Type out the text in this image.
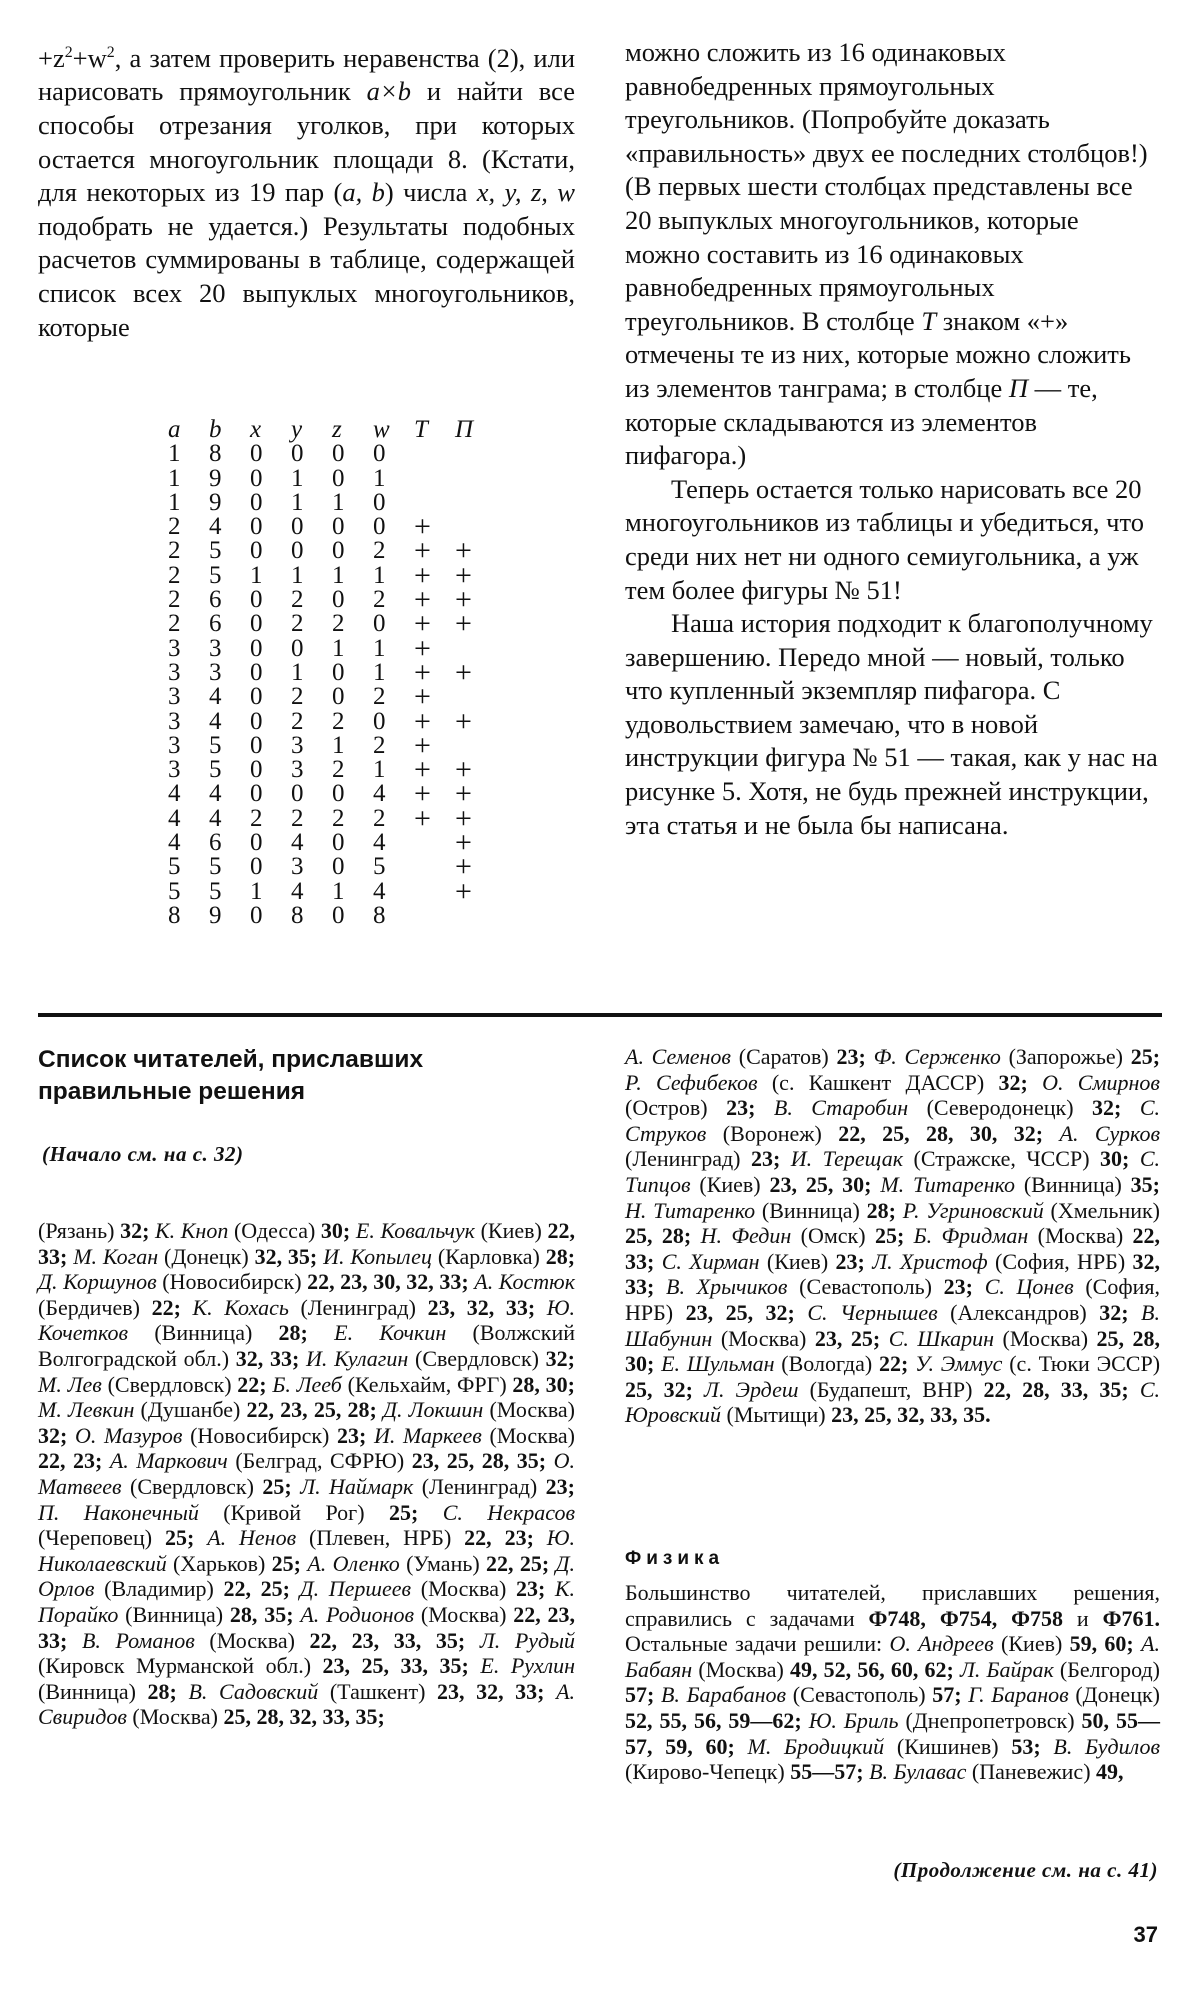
$+z^2+w^2$, а затем проверить неравенства (2), или нарисовать прямоугольник a×b и найти все способы отрезания уголков, при которых остается многоугольник площади 8. (Кстати, для некоторых из 19 пар (a, b) числа x, y, z, w подобрать не удается.) Результаты подобных расчетов суммированы в таблице, содержащей список всех 20 выпуклых многоугольников, которые
a	b	x	y	z	w	T	П
1	8	0	0	0	0		
1	9	0	1	0	1		
1	9	0	1	1	0		
2	4	0	0	0	0	+	
2	5	0	0	0	2	+	+
2	5	1	1	1	1	+	+
2	6	0	2	0	2	+	+
2	6	0	2	2	0	+	+
3	3	0	0	1	1	+	
3	3	0	1	0	1	+	+
3	4	0	2	0	2	+	
3	4	0	2	2	0	+	+
3	5	0	3	1	2	+	
3	5	0	3	2	1	+	+
4	4	0	0	0	4	+	+
4	4	2	2	2	2	+	+
4	6	0	4	0	4		+
5	5	0	3	0	5		+
5	5	1	4	1	4		+
8	9	0	8	0	8		
можно сложить из 16 одинаковых равнобедренных прямоугольных треугольников. (Попробуйте доказать «правильность» двух ее последних столбцов!)
(В первых шести столбцах представлены все 20 выпуклых многоугольников, которые можно составить из 16 одинаковых равнобедренных прямоугольных треугольников. В столбце T знаком «+» отмечены те из них, которые можно сложить из элементов танграма; в столбце П — те, которые складываются из элементов пифагора.)
Теперь остается только нарисовать все 20 многоугольников из таблицы и убедиться, что среди них нет ни одного семиугольника, а уж тем более фигуры № 51!
Наша история подходит к благополучному завершению. Передо мной — новый, только что купленный экземпляр пифагора. С удовольствием замечаю, что в новой инструкции фигура № 51 — такая, как у нас на рисунке 5. Хотя, не будь прежней инструкции, эта статья и не была бы написана.
Список читателей, приславших правильные решения
(Начало см. на с. 32)
(Рязань) 32; К. Кноп (Одесса) 30; Е. Ковальчук (Киев) 22, 33; М. Коган (Донецк) 32, 35; И. Копылец (Карловка) 28; Д. Коршунов (Новосибирск) 22, 23, 30, 32, 33; А. Костюк (Бердичев) 22; К. Кохась (Ленинград) 23, 32, 33; Ю. Кочетков (Винница) 28; Е. Кочкин (Волжский Волгоградской обл.) 32, 33; И. Кулагин (Свердловск) 32; М. Лев (Свердловск) 22; Б. Лееб (Кельхайм, ФРГ) 28, 30; М. Левкин (Душанбе) 22, 23, 25, 28; Д. Локшин (Москва) 32; О. Мазуров (Новосибирск) 23; И. Маркеев (Москва) 22, 23; А. Маркович (Белград, СФРЮ) 23, 25, 28, 35; О. Матвеев (Свердловск) 25; Л. Наймарк (Ленинград) 23; П. Наконечный (Кривой Рог) 25; С. Некрасов (Череповец) 25; А. Ненов (Плевен, НРБ) 22, 23; Ю. Николаевский (Харьков) 25; А. Оленко (Умань) 22, 25; Д. Орлов (Владимир) 22, 25; Д. Першеев (Москва) 23; К. Порайко (Винница) 28, 35; А. Родионов (Москва) 22, 23, 33; В. Романов (Москва) 22, 23, 33, 35; Л. Рудый (Кировск Мурманской обл.) 23, 25, 33, 35; Е. Рухлин (Винница) 28; В. Садовский (Ташкент) 23, 32, 33; А. Свиридов (Москва) 25, 28, 32, 33, 35;
А. Семенов (Саратов) 23; Ф. Серженко (Запорожье) 25; Р. Сефибеков (с. Кашкент ДАССР) 32; О. Смирнов (Остров) 23; В. Старобин (Северодонецк) 32; С. Струков (Воронеж) 22, 25, 28, 30, 32; А. Сурков (Ленинград) 23; И. Терещак (Стражске, ЧССР) 30; С. Типцов (Киев) 23, 25, 30; М. Титаренко (Винница) 35; Н. Титаренко (Винница) 28; Р. Угриновский (Хмельник) 25, 28; Н. Федин (Омск) 25; Б. Фридман (Москва) 22, 33; С. Хирман (Киев) 23; Л. Христоф (София, НРБ) 32, 33; В. Хрычиков (Севастополь) 23; С. Цонев (София, НРБ) 23, 25, 32; С. Чернышев (Александров) 32; В. Шабунин (Москва) 23, 25; С. Шкарин (Москва) 25, 28, 30; Е. Шульман (Вологда) 22; У. Эммус (с. Тюки ЭССР) 25, 32; Л. Эрдеш (Будапешт, ВНР) 22, 28, 33, 35; С. Юровский (Мытищи) 23, 25, 32, 33, 35.
Физика
Большинство читателей, приславших решения, справились с задачами Ф748, Ф754, Ф758 и Ф761. Остальные задачи решили: О. Андреев (Киев) 59, 60; А. Бабаян (Москва) 49, 52, 56, 60, 62; Л. Байрак (Белгород) 57; В. Барабанов (Севастополь) 57; Г. Баранов (Донецк) 52, 55, 56, 59—62; Ю. Бриль (Днепропетровск) 50, 55—57, 59, 60; М. Бродицкий (Кишинев) 53; В. Будилов (Кирово-Чепецк) 55—57; В. Булавас (Паневежис) 49,
(Продолжение см. на с. 41)
37
